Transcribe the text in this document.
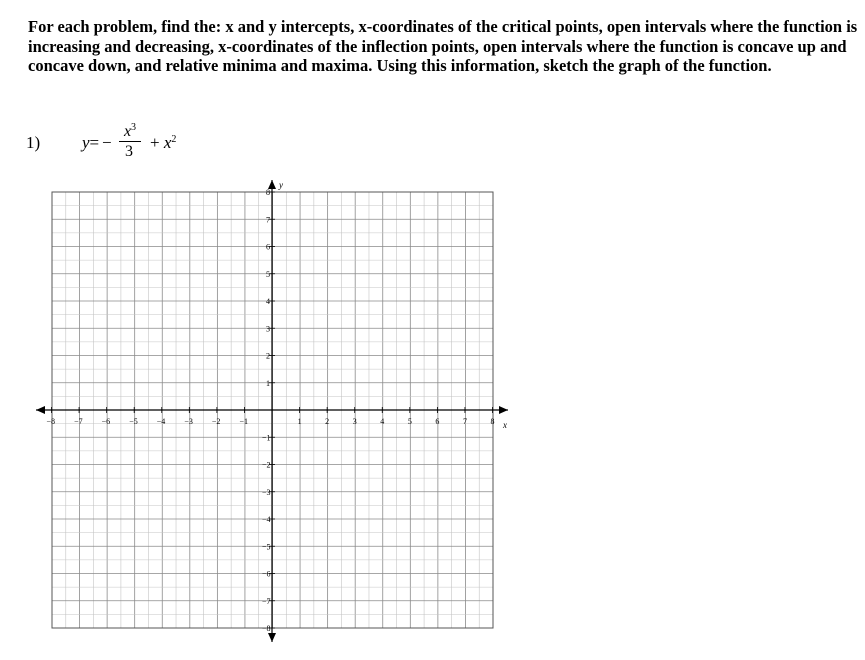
For each problem, find the: x and y intercepts, x-coordinates of the critical points, open intervals where the function is increasing and decreasing, x-coordinates of the inflection points, open intervals where the function is concave up and concave down, and relative minima and maxima. Using this information, sketch the graph of the function.

1) y= −
$x^3$
3	+ $x^2$
x
y
−8 −7 −6 −5 −4 −3 −2 −1	1	2	3	4	5	6	7	8
8
7
6
5
4
3
2
1
−1
−2
−3
−4
−5
−6
−7
−8
